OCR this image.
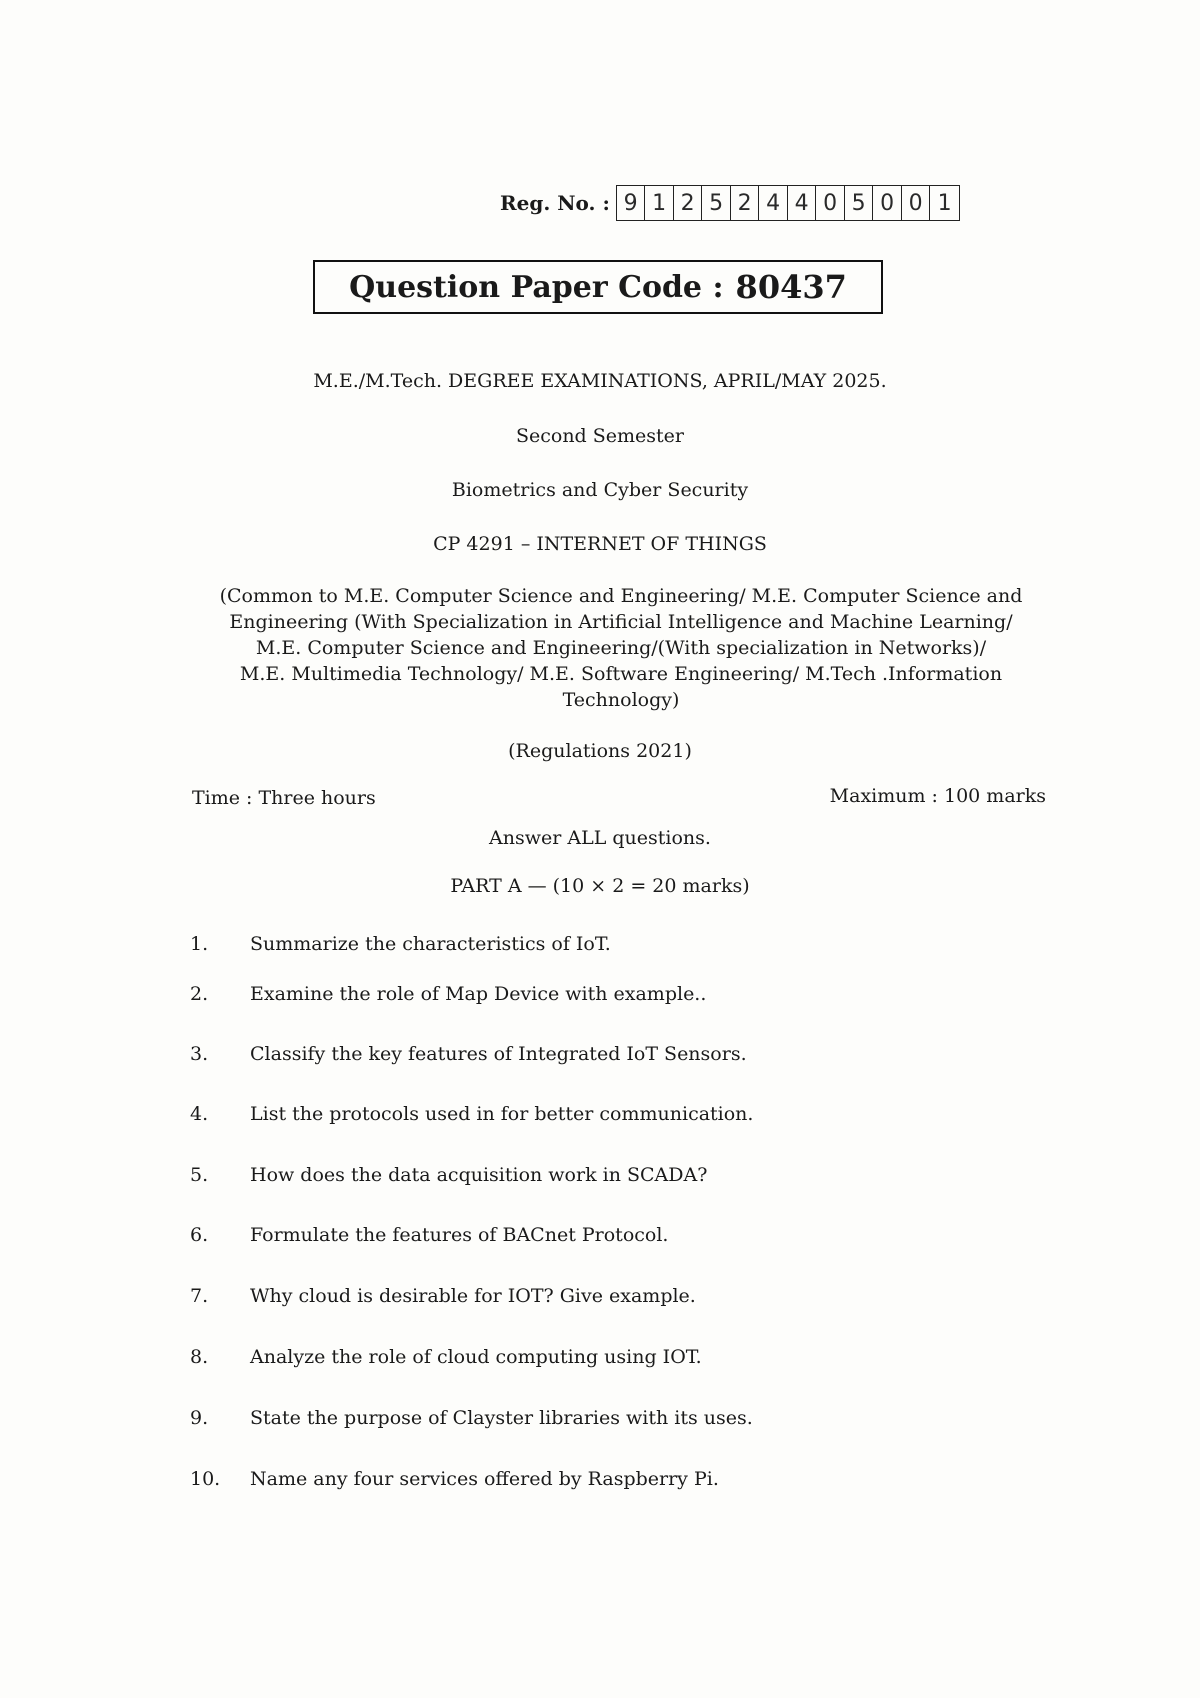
Reg. No. : 9 1 2 5 2 4 4 0 5 0 0 1
Question Paper Code : 80437
M.E./M.Tech. DEGREE EXAMINATIONS, APRIL/MAY 2025.
Second Semester
Biometrics and Cyber Security
CP 4291 – INTERNET OF THINGS
(Common to M.E. Computer Science and Engineering/ M.E. Computer Science and
Engineering (With Specialization in Artificial Intelligence and Machine Learning/
M.E. Computer Science and Engineering/(With specialization in Networks)/
M.E. Multimedia Technology/ M.E. Software Engineering/ M.Tech .Information
Technology)
(Regulations 2021)
Time : Three hours	Maximum : 100 marks
Answer ALL questions.
PART A — (10 × 2 = 20 marks)
1.	Summarize the characteristics of IoT.
2.	Examine the role of Map Device with example..
3.	Classify the key features of Integrated IoT Sensors.
4.	List the protocols used in for better communication.
5.	How does the data acquisition work in SCADA?
6.	Formulate the features of BACnet Protocol.
7.	Why cloud is desirable for IOT? Give example.
8.	Analyze the role of cloud computing using IOT.
9.	State the purpose of Clayster libraries with its uses.
10.	Name any four services offered by Raspberry Pi.
